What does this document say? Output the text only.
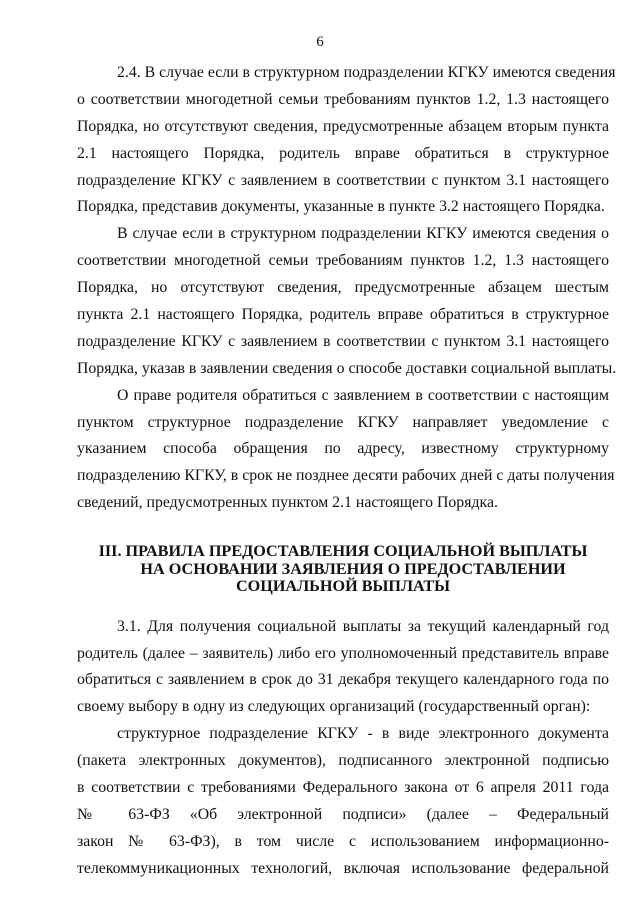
6
2.4. В случае если в структурном подразделении КГКУ имеются сведения
о соответствии многодетной семьи требованиям пунктов 1.2, 1.3 настоящего
Порядка, но отсутствуют сведения, предусмотренные абзацем вторым пункта
2.1 настоящего Порядка, родитель вправе обратиться в структурное
подразделение КГКУ с заявлением в соответствии с пунктом 3.1 настоящего
Порядка, представив документы, указанные в пункте 3.2 настоящего Порядка.
В случае если в структурном подразделении КГКУ имеются сведения о
соответствии многодетной семьи требованиям пунктов 1.2, 1.3 настоящего
Порядка, но отсутствуют сведения, предусмотренные абзацем шестым
пункта 2.1 настоящего Порядка, родитель вправе обратиться в структурное
подразделение КГКУ с заявлением в соответствии с пунктом 3.1 настоящего
Порядка, указав в заявлении сведения о способе доставки социальной выплаты.
О праве родителя обратиться с заявлением в соответствии с настоящим
пунктом структурное подразделение КГКУ направляет уведомление с
указанием способа обращения по адресу, известному структурному
подразделению КГКУ, в срок не позднее десяти рабочих дней с даты получения
сведений, предусмотренных пунктом 2.1 настоящего Порядка.
III. ПРАВИЛА ПРЕДОСТАВЛЕНИЯ СОЦИАЛЬНОЙ ВЫПЛАТЫ
НА ОСНОВАНИИ ЗАЯВЛЕНИЯ О ПРЕДОСТАВЛЕНИИ
СОЦИАЛЬНОЙ ВЫПЛАТЫ
3.1. Для получения социальной выплаты за текущий календарный год
родитель (далее – заявитель) либо его уполномоченный представитель вправе
обратиться с заявлением в срок до 31 декабря текущего календарного года по
своему выбору в одну из следующих организаций (государственный орган):
структурное подразделение КГКУ - в виде электронного документа
(пакета электронных документов), подписанного электронной подписью
в соответствии с требованиями Федерального закона от 6 апреля 2011 года
№ 63-ФЗ «Об электронной подписи» (далее – Федеральный
закон № 63-ФЗ), в том числе с использованием информационно-
телекоммуникационных технологий, включая использование федеральной
